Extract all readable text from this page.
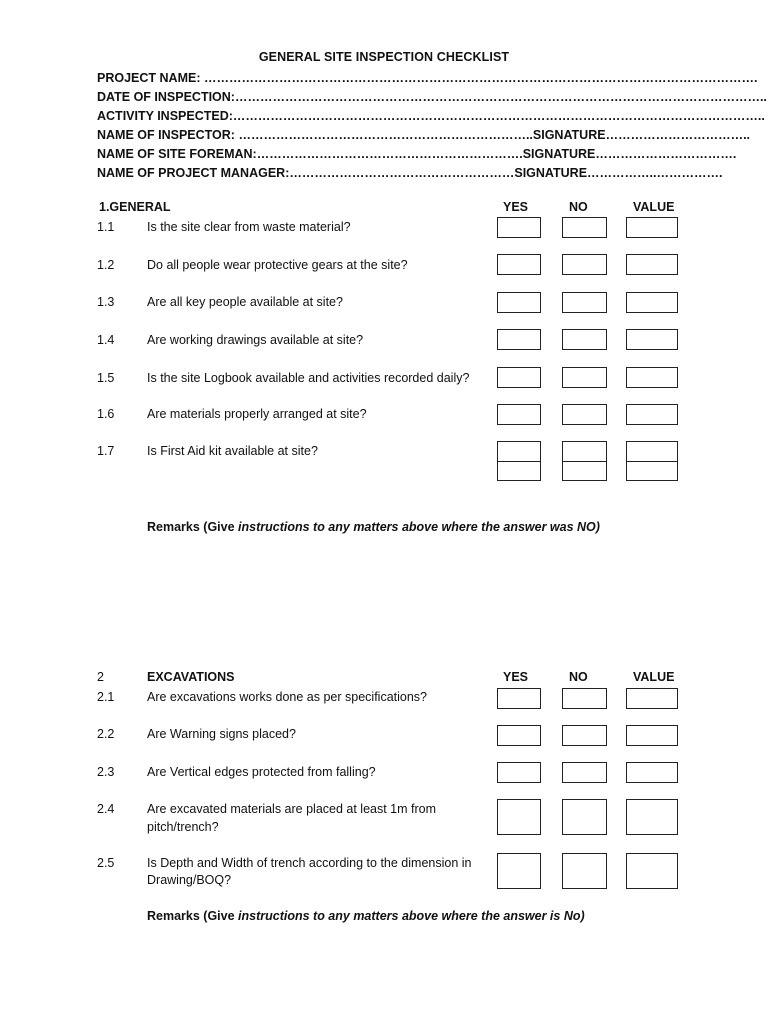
GENERAL SITE INSPECTION CHECKLIST
PROJECT NAME: …………………………………………………………………………………………………………………….
DATE OF INSPECTION:………………………………………………………………………………………………………………..
ACTIVITY INSPECTED:………………………………………………………………………………………………………………..
NAME OF INSPECTOR: ……………………………………………………………..SIGNATURE……………………………..
NAME OF SITE FOREMAN:……………………………………………………….SIGNATURE…………………………….
NAME OF PROJECT MANAGER:………………………………………………SIGNATURE……………..…………….
1.GENERAL	YES	NO	VALUE
1.1	Is the site clear from waste material?
1.2	Do all people wear protective gears at the site?
1.3	Are all key people available at site?
1.4	Are working drawings available at site?
1.5	Is the site Logbook available and activities recorded daily?
1.6	Are materials properly arranged at site?
1.7	Is First Aid kit available at site?
Remarks (Give instructions to any matters above where the answer was NO)
2	EXCAVATIONS	YES	NO	VALUE
2.1	Are excavations works done as per specifications?
2.2	Are Warning signs placed?
2.3	Are Vertical edges protected from falling?
2.4	Are excavated materials are placed at least 1m from
pitch/trench?
2.5	Is Depth and Width of trench according to the dimension in
Drawing/BOQ?
Remarks (Give instructions to any matters above where the answer is No)
